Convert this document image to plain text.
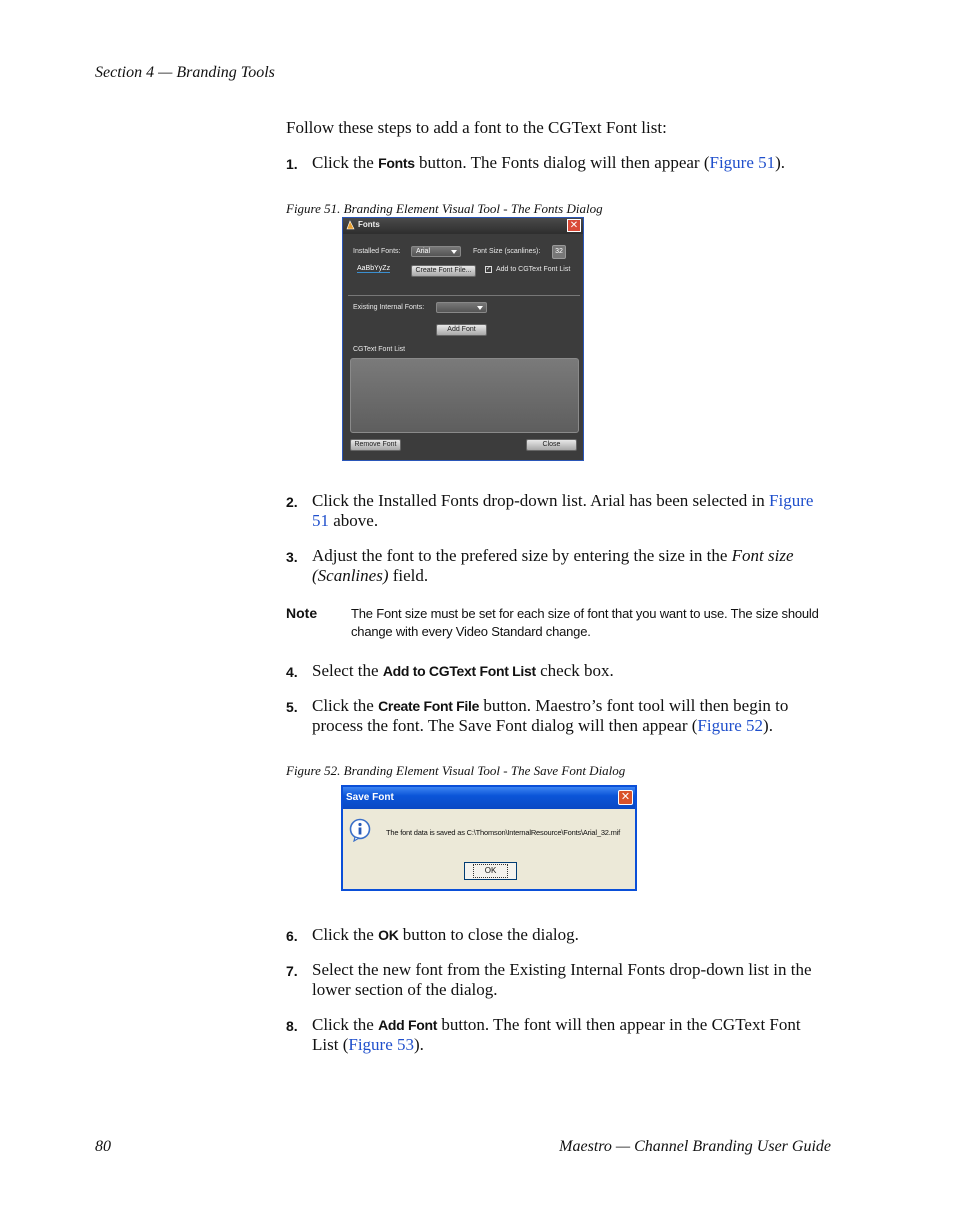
Section 4 — Branding Tools
Follow these steps to add a font to the CGText Font list:
1. Click the Fonts button. The Fonts dialog will then appear (Figure 51).
Figure 51. Branding Element Visual Tool - The Fonts Dialog
Fonts	✕
Installed Fonts:	Arial	Font Size (scanlines):	32
AaBbYyZz	Create Font File...	✓ Add to CGText Font List
Existing Internal Fonts:
Add Font
CGText Font List
Remove Font	Close
2. Click the Installed Fonts drop-down list. Arial has been selected in Figure 51 above.
3. Adjust the font to the prefered size by entering the size in the Font size (Scanlines) field.
Note	The Font size must be set for each size of font that you want to use. The size should change with every Video Standard change.
4. Select the Add to CGText Font List check box.
5. Click the Create Font File button. Maestro’s font tool will then begin to process the font. The Save Font dialog will then appear (Figure 52).
Figure 52. Branding Element Visual Tool - The Save Font Dialog
Save Font	✕
The font data is saved as C:\Thomson\InternalResource\Fonts\Arial_32.mif
OK
6. Click the OK button to close the dialog.
7. Select the new font from the Existing Internal Fonts drop-down list in the lower section of the dialog.
8. Click the Add Font button. The font will then appear in the CGText Font List (Figure 53).
80	Maestro — Channel Branding User Guide
